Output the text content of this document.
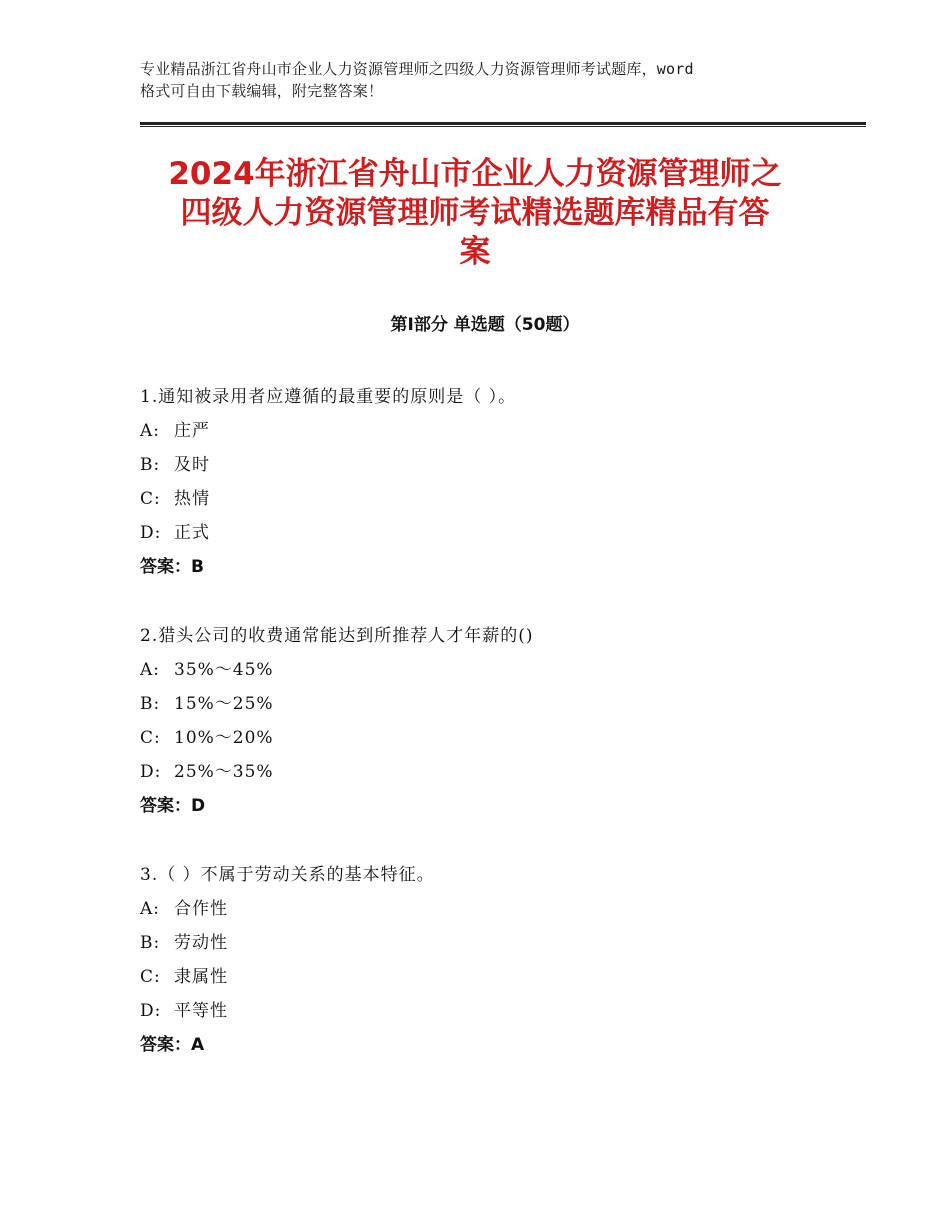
专业精品浙江省舟山市企业人力资源管理师之四级人力资源管理师考试题库，word
格式可自由下载编辑，附完整答案！
2024年浙江省舟山市企业人力资源管理师之
四级人力资源管理师考试精选题库精品有答
案
第Ⅰ部分 单选题（50题）
1.通知被录用者应遵循的最重要的原则是（ ）。
A: 庄严
B: 及时
C: 热情
D: 正式
答案：B
2.猎头公司的收费通常能达到所推荐人才年薪的()
A: 35%～45%
B: 15%～25%
C: 10%～20%
D: 25%～35%
答案：D
3.（ ）不属于劳动关系的基本特征。
A: 合作性
B: 劳动性
C: 隶属性
D: 平等性
答案：A
